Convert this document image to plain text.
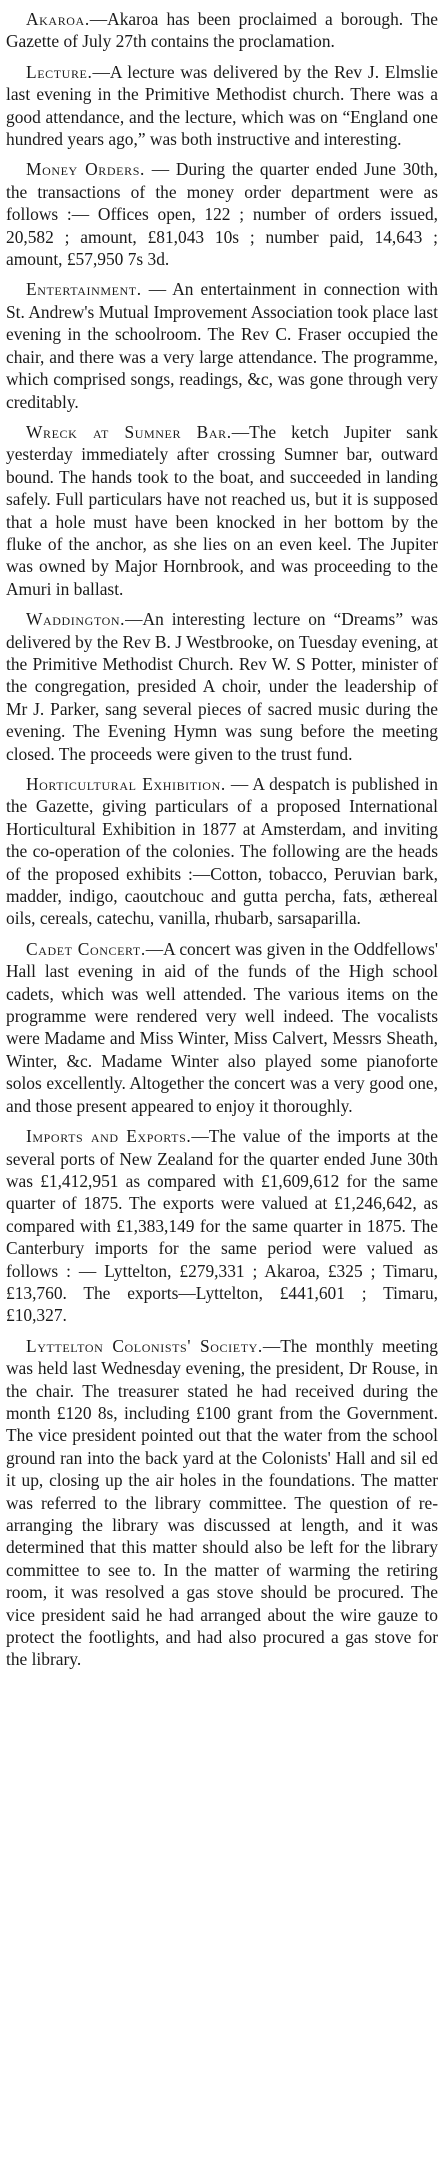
Akaroa.—Akaroa has been proclaimed a borough. The Gazette of July 27th contains the proclamation.

Lecture.—A lecture was delivered by the Rev J. Elmslie last evening in the Primitive Methodist church. There was a good attendance, and the lecture, which was on “England one hundred years ago,” was both instructive and interesting.

Money Orders. — During the quarter ended June 30th, the transactions of the money order department were as follows :— Offices open, 122 ; number of orders issued, 20,582 ; amount, £81,043 10s ; number paid, 14,643 ; amount, £57,950 7s 3d.

Entertainment. — An entertainment in connection with St. Andrew's Mutual Improvement Association took place last evening in the schoolroom. The Rev C. Fraser occupied the chair, and there was a very large attendance. The programme, which comprised songs, readings, &c, was gone through very creditably.

Wreck at Sumner Bar.—The ketch Jupiter sank yesterday immediately after crossing Sumner bar, outward bound. The hands took to the boat, and succeeded in landing safely. Full particulars have not reached us, but it is supposed that a hole must have been knocked in her bottom by the fluke of the anchor, as she lies on an even keel. The Jupiter was owned by Major Hornbrook, and was proceeding to the Amuri in ballast.

Waddington.—An interesting lecture on “Dreams” was delivered by the Rev B. J Westbrooke, on Tuesday evening, at the Primitive Methodist Church. Rev W. S Potter, minister of the congregation, presided A choir, under the leadership of Mr J. Parker, sang several pieces of sacred music during the evening. The Evening Hymn was sung before the meeting closed. The proceeds were given to the trust fund.

Horticultural Exhibition. — A despatch is published in the Gazette, giving particulars of a proposed International Horticultural Exhibition in 1877 at Amsterdam, and inviting the co-operation of the colonies. The following are the heads of the proposed exhibits :—Cotton, tobacco, Peruvian bark, madder, indigo, caoutchouc and gutta percha, fats, æthereal oils, cereals, catechu, vanilla, rhubarb, sarsaparilla.

Cadet Concert.—A concert was given in the Oddfellows' Hall last evening in aid of the funds of the High school cadets, which was well attended. The various items on the programme were rendered very well indeed. The vocalists were Madame and Miss Winter, Miss Calvert, Messrs Sheath, Winter, &c. Madame Winter also played some pianoforte solos excellently. Altogether the concert was a very good one, and those present appeared to enjoy it thoroughly.

Imports and Exports.—The value of the imports at the several ports of New Zealand for the quarter ended June 30th was £1,412,951 as compared with £1,609,612 for the same quarter of 1875. The exports were valued at £1,246,642, as compared with £1,383,149 for the same quarter in 1875. The Canterbury imports for the same period were valued as follows : — Lyttelton, £279,331 ; Akaroa, £325 ; Timaru, £13,760. The exports—Lyttelton, £441,601 ; Timaru, £10,327.

Lyttelton Colonists' Society.—The monthly meeting was held last Wednesday evening, the president, Dr Rouse, in the chair. The treasurer stated he had received during the month £120 8s, including £100 grant from the Government. The vice president pointed out that the water from the school ground ran into the back yard at the Colonists' Hall and sil ed it up, closing up the air holes in the foundations. The matter was referred to the library committee. The question of re-arranging the library was discussed at length, and it was determined that this matter should also be left for the library committee to see to. In the matter of warming the retiring room, it was resolved a gas stove should be procured. The vice president said he had arranged about the wire gauze to protect the footlights, and had also procured a gas stove for the library.
